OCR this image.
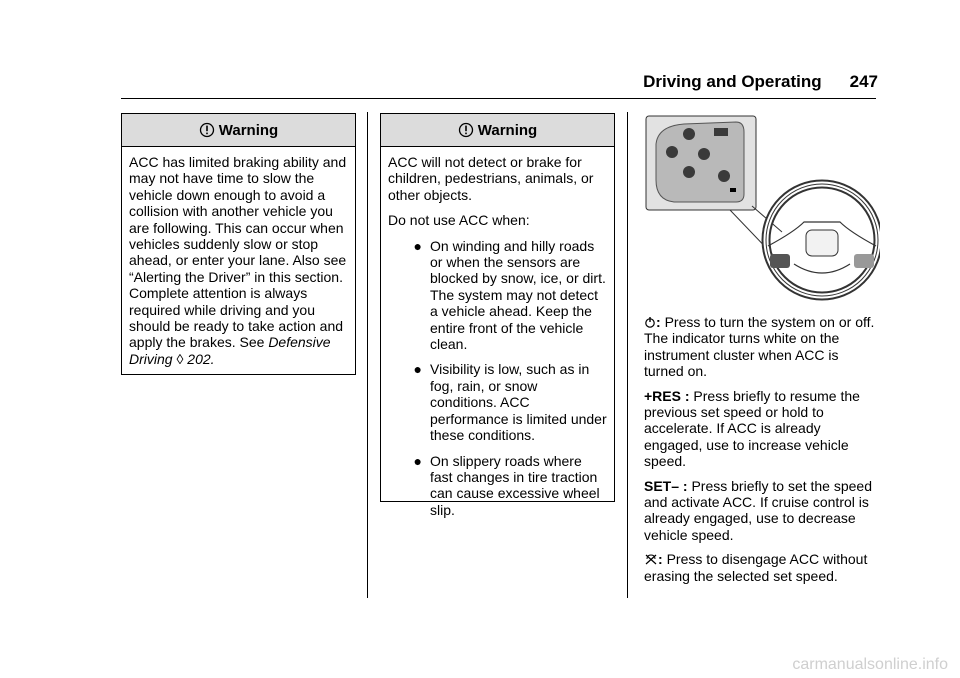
Driving and Operating 247
Warning

ACC has limited braking ability and may not have time to slow the vehicle down enough to avoid a collision with another vehicle you are following. This can occur when vehicles suddenly slow or stop ahead, or enter your lane. Also see “Alerting the Driver” in this section. Complete attention is always required while driving and you should be ready to take action and apply the brakes. See Defensive Driving ◊ 202.

Warning

ACC will not detect or brake for children, pedestrians, animals, or other objects.

Do not use ACC when:

● On winding and hilly roads or when the sensors are blocked by snow, ice, or dirt. The system may not detect a vehicle ahead. Keep the entire front of the vehicle clean.
● Visibility is low, such as in fog, rain, or snow conditions. ACC performance is limited under these conditions.
● On slippery roads where fast changes in tire traction can cause excessive wheel slip.

: Press to turn the system on or off. The indicator turns white on the instrument cluster when ACC is turned on.

+RES : Press briefly to resume the previous set speed or hold to accelerate. If ACC is already engaged, use to increase vehicle speed.

SET– : Press briefly to set the speed and activate ACC. If cruise control is already engaged, use to decrease vehicle speed.

: Press to disengage ACC without erasing the selected set speed.

carmanualsonline.info
